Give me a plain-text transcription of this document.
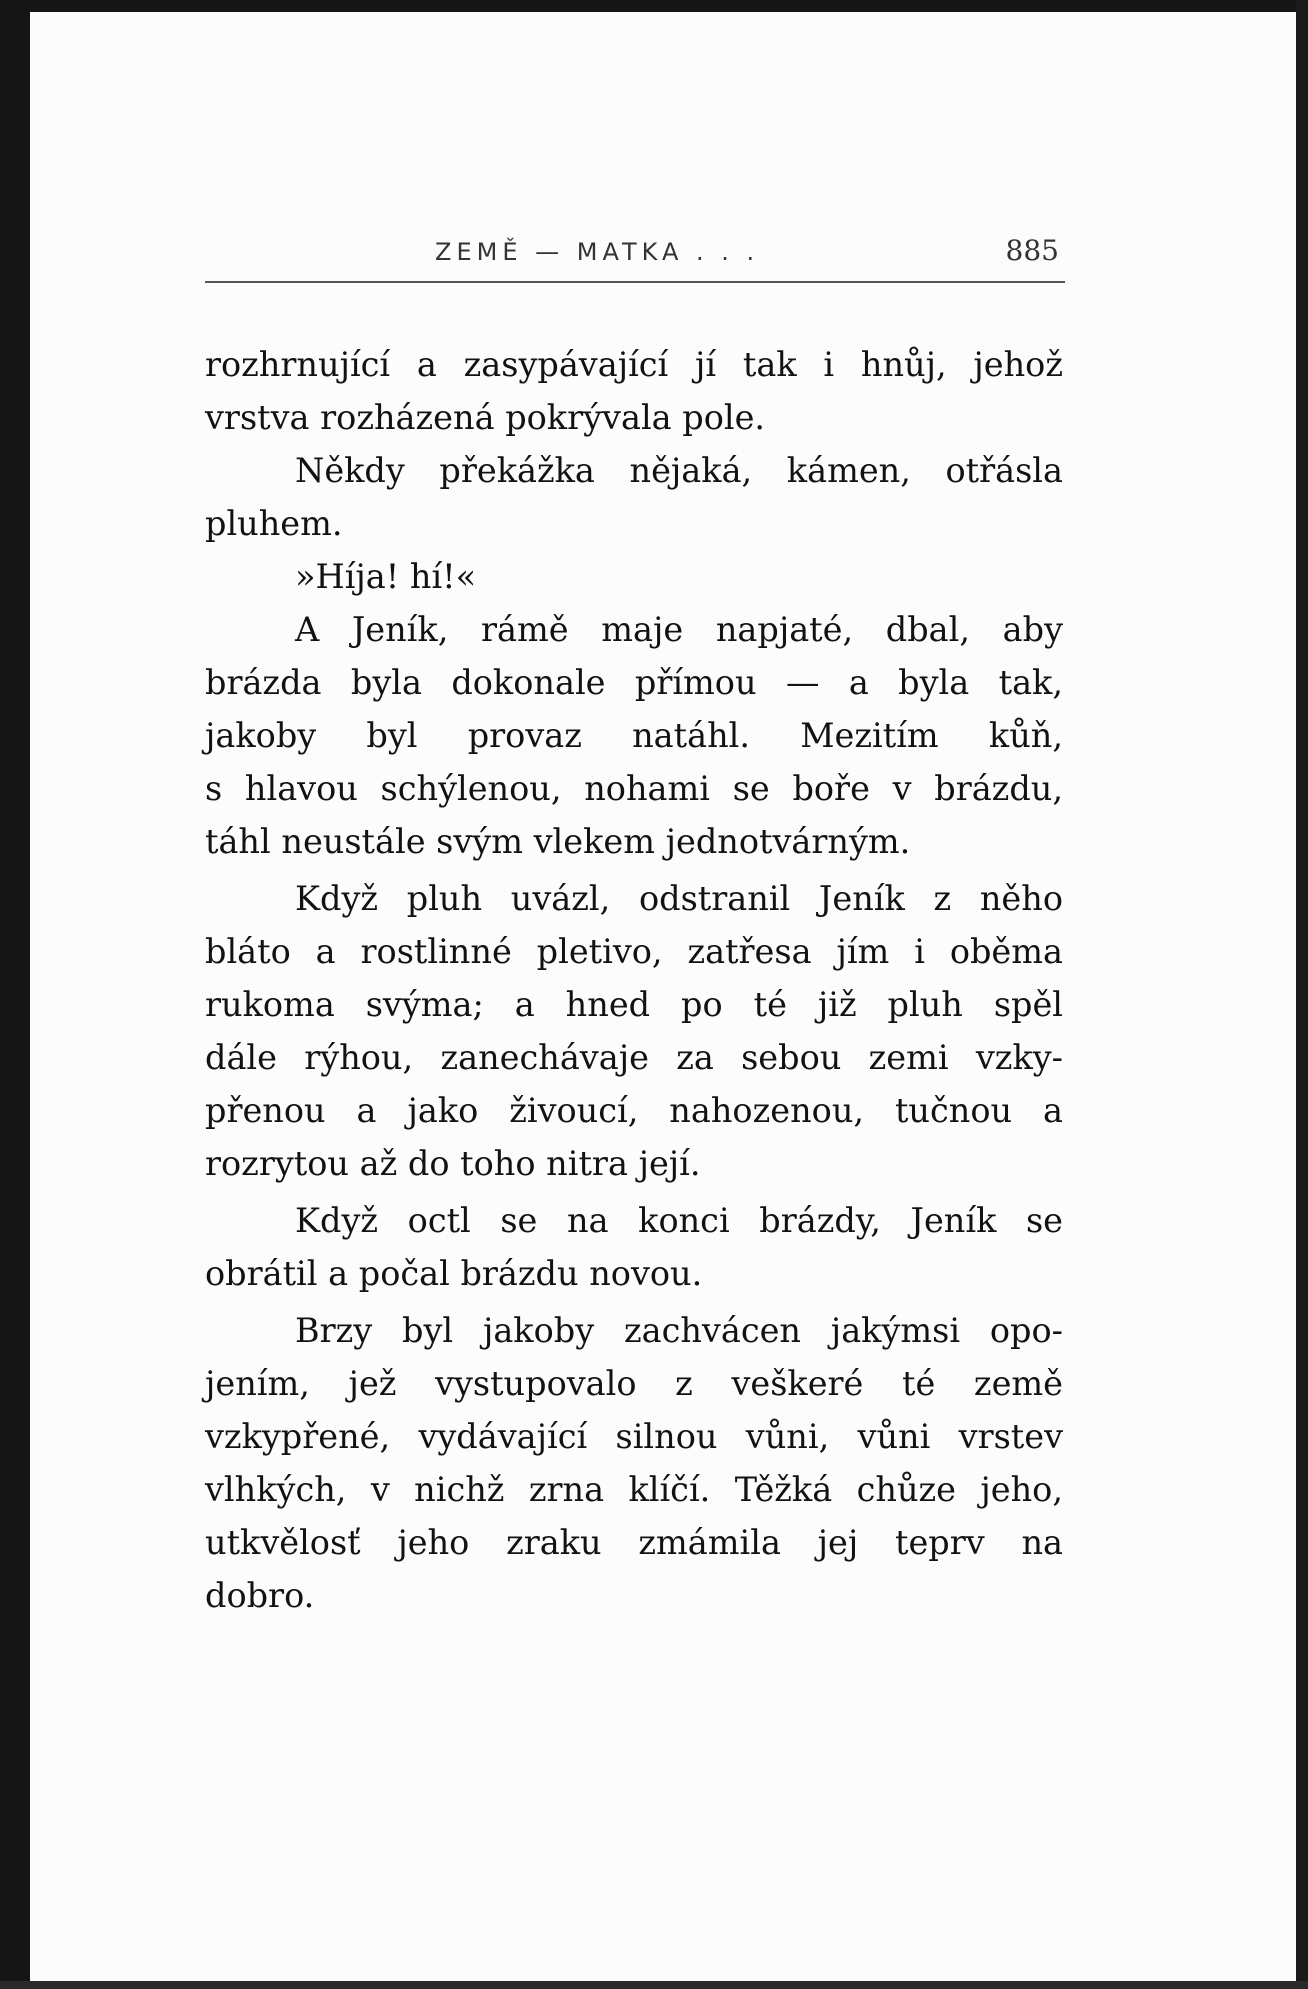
ZEMĚ — MATKA . . .	885
rozhrnující a zasypávající jí tak i hnůj, jehož
vrstva rozházená pokrývala pole.
Někdy překážka nějaká, kámen, otřásla
pluhem.
»Híja! hí!«
A Jeník, rámě maje napjaté, dbal, aby
brázda byla dokonale přímou — a byla tak,
jakoby byl provaz natáhl. Mezitím kůň,
s hlavou schýlenou, nohami se boře v brázdu,
táhl neustále svým vlekem jednotvárným.
Když pluh uvázl, odstranil Jeník z něho
bláto a rostlinné pletivo, zatřesa jím i oběma
rukoma svýma; a hned po té již pluh spěl
dále rýhou, zanechávaje za sebou zemi vzky-
přenou a jako živoucí, nahozenou, tučnou a
rozrytou až do toho nitra její.
Když octl se na konci brázdy, Jeník se
obrátil a počal brázdu novou.
Brzy byl jakoby zachvácen jakýmsi opo-
jením, jež vystupovalo z veškeré té země
vzkypřené, vydávající silnou vůni, vůni vrstev
vlhkých, v nichž zrna klíčí. Těžká chůze jeho,
utkvělosť jeho zraku zmámila jej teprv na
dobro.
